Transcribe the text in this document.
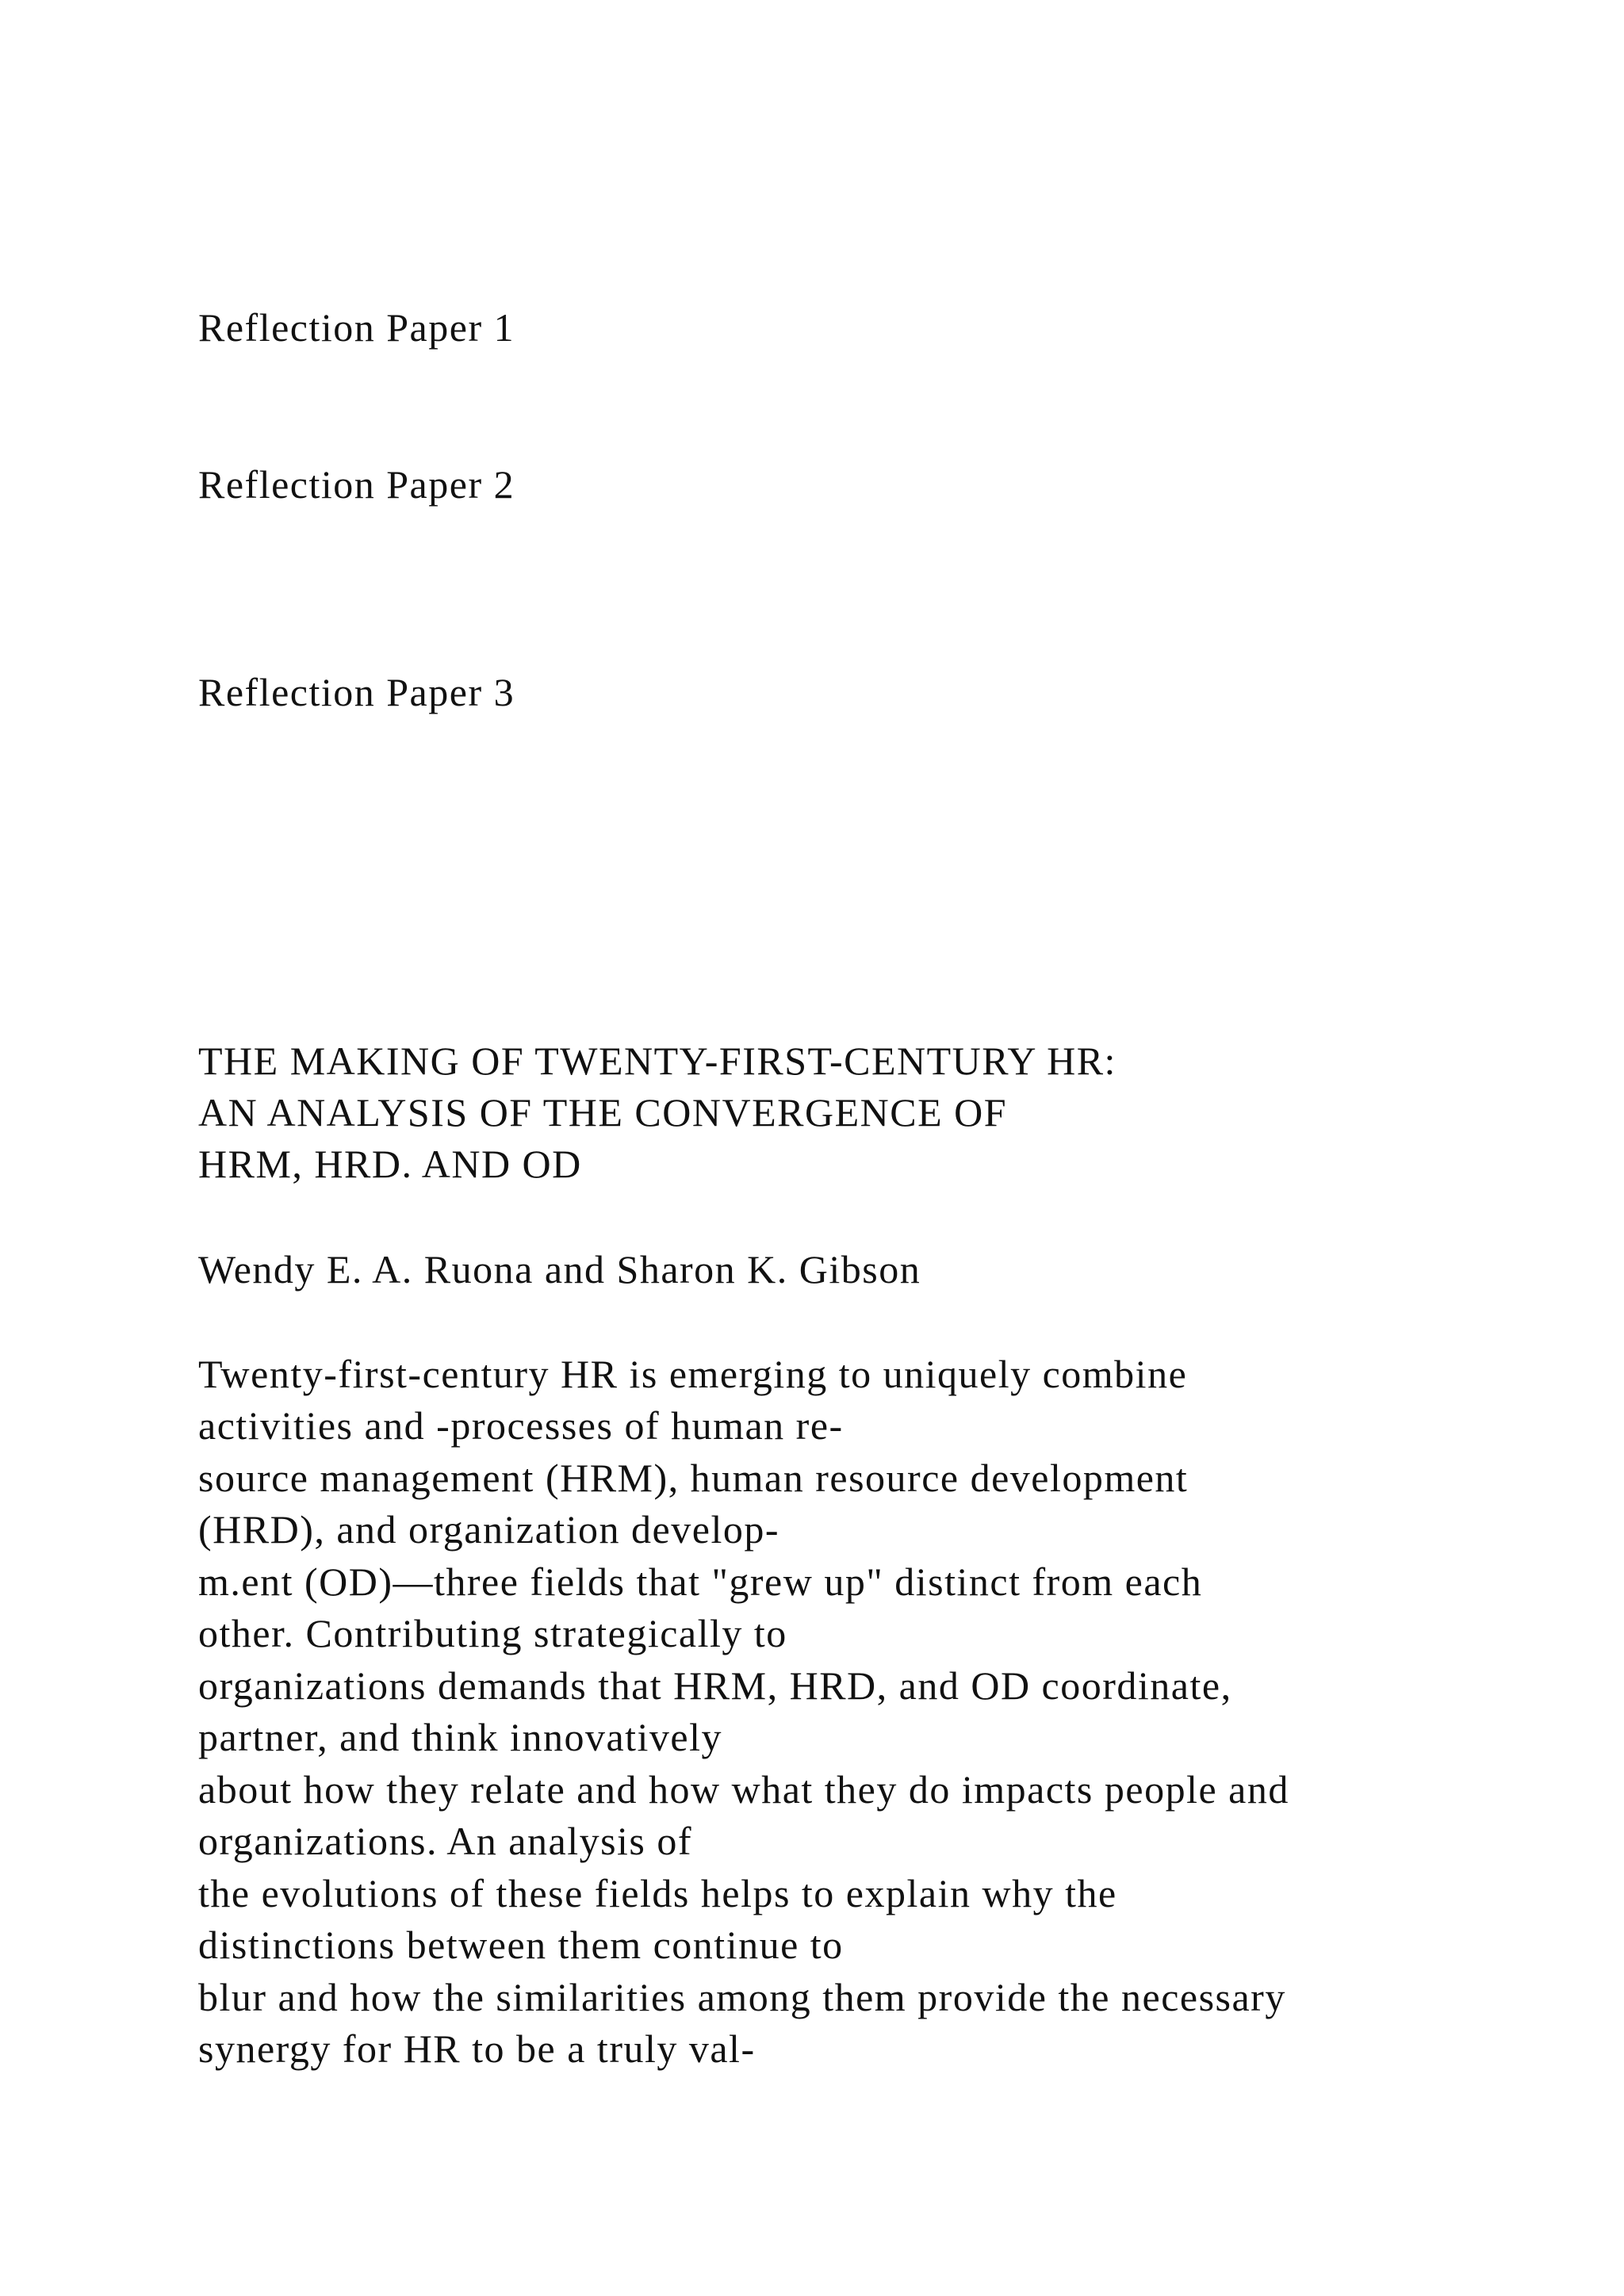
Reflection Paper 1

Reflection Paper 2

Reflection Paper 3

THE MAKING OF TWENTY-FIRST-CENTURY HR:

AN ANALYSIS OF THE CONVERGENCE OF

HRM, HRD. AND OD

Wendy E. A. Ruona and Sharon K. Gibson

Twenty-first-century HR is emerging to uniquely combine

activities and -processes of human re-

source management (HRM), human resource development

(HRD), and organization develop-

m.ent (OD)—three fields that "grew up" distinct from each

other. Contributing strategically to

organizations demands that HRM, HRD, and OD coordinate,

partner, and think innovatively

about how they relate and how what they do impacts people and

organizations. An analysis of

the evolutions of these fields helps to explain why the

distinctions between them continue to

blur and how the similarities among them provide the necessary

synergy for HR to be a truly val-
